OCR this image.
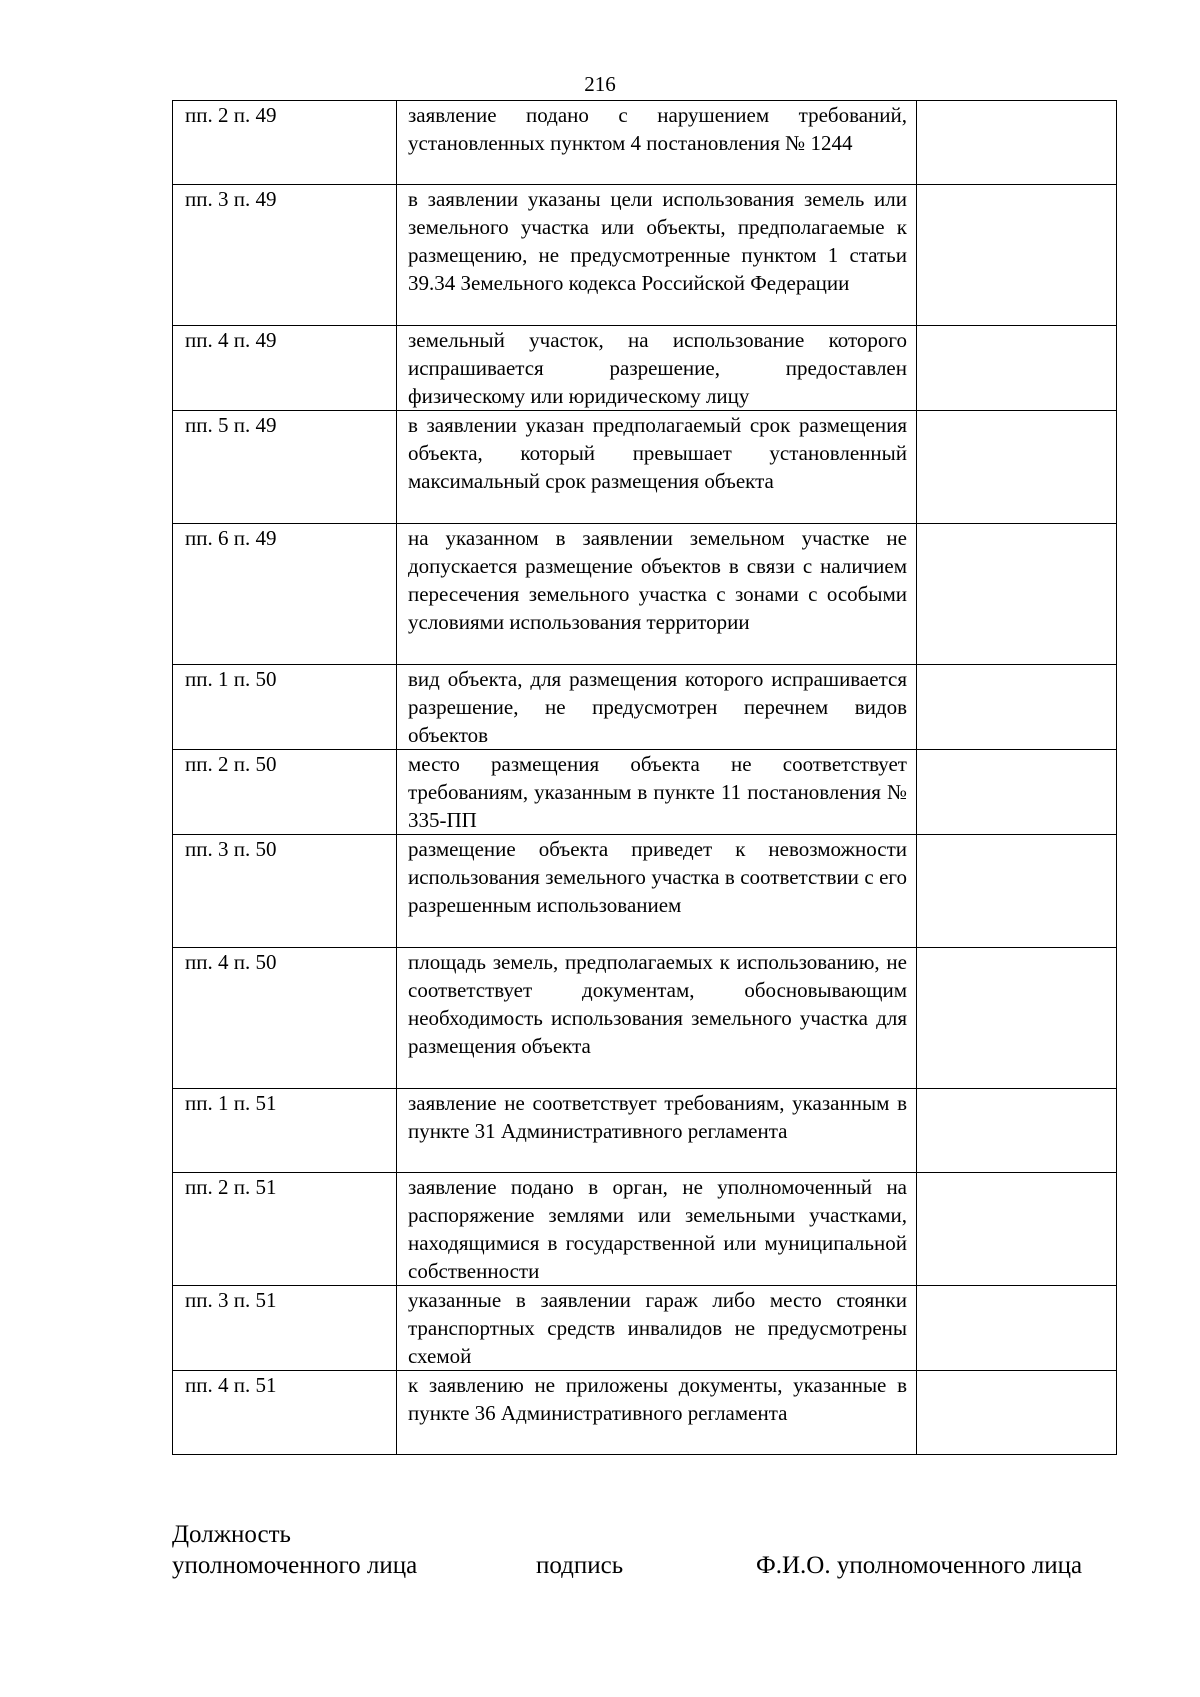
216
пп. 2 п. 49	заявление подано с нарушением требований, установленных пунктом 4 постановления № 1244	
пп. 3 п. 49	в заявлении указаны цели использования земель или земельного участка или объекты, предполагаемые к размещению, не предусмотренные пунктом 1 статьи 39.34 Земельного кодекса Российской Федерации	
пп. 4 п. 49	земельный участок, на использование которого испрашивается разрешение, предоставлен физическому или юридическому лицу	
пп. 5 п. 49	в заявлении указан предполагаемый срок размещения объекта, который превышает установленный максимальный срок размещения объекта	
пп. 6 п. 49	на указанном в заявлении земельном участке не допускается размещение объектов в связи с наличием пересечения земельного участка с зонами с особыми условиями использования территории	
пп. 1 п. 50	вид объекта, для размещения которого испрашивается разрешение, не предусмотрен перечнем видов объектов	
пп. 2 п. 50	место размещения объекта не соответствует требованиям, указанным в пункте 11 постановления № 335-ПП	
пп. 3 п. 50	размещение объекта приведет к невозможности использования земельного участка в соответствии с его разрешенным использованием	
пп. 4 п. 50	площадь земель, предполагаемых к использованию, не соответствует документам, обосновывающим необходимость использования земельного участка для размещения объекта	
пп. 1 п. 51	заявление не соответствует требованиям, указанным в пункте 31 Административного регламента	
пп. 2 п. 51	заявление подано в орган, не уполномоченный на распоряжение землями или земельными участками, находящимися в государственной или муниципальной собственности	
пп. 3 п. 51	указанные в заявлении гараж либо место стоянки транспортных средств инвалидов не предусмотрены схемой	
пп. 4 п. 51	к заявлению не приложены документы, указанные в пункте 36 Административного регламента	
Должность
уполномоченного лица	подпись	Ф.И.О. уполномоченного лица
